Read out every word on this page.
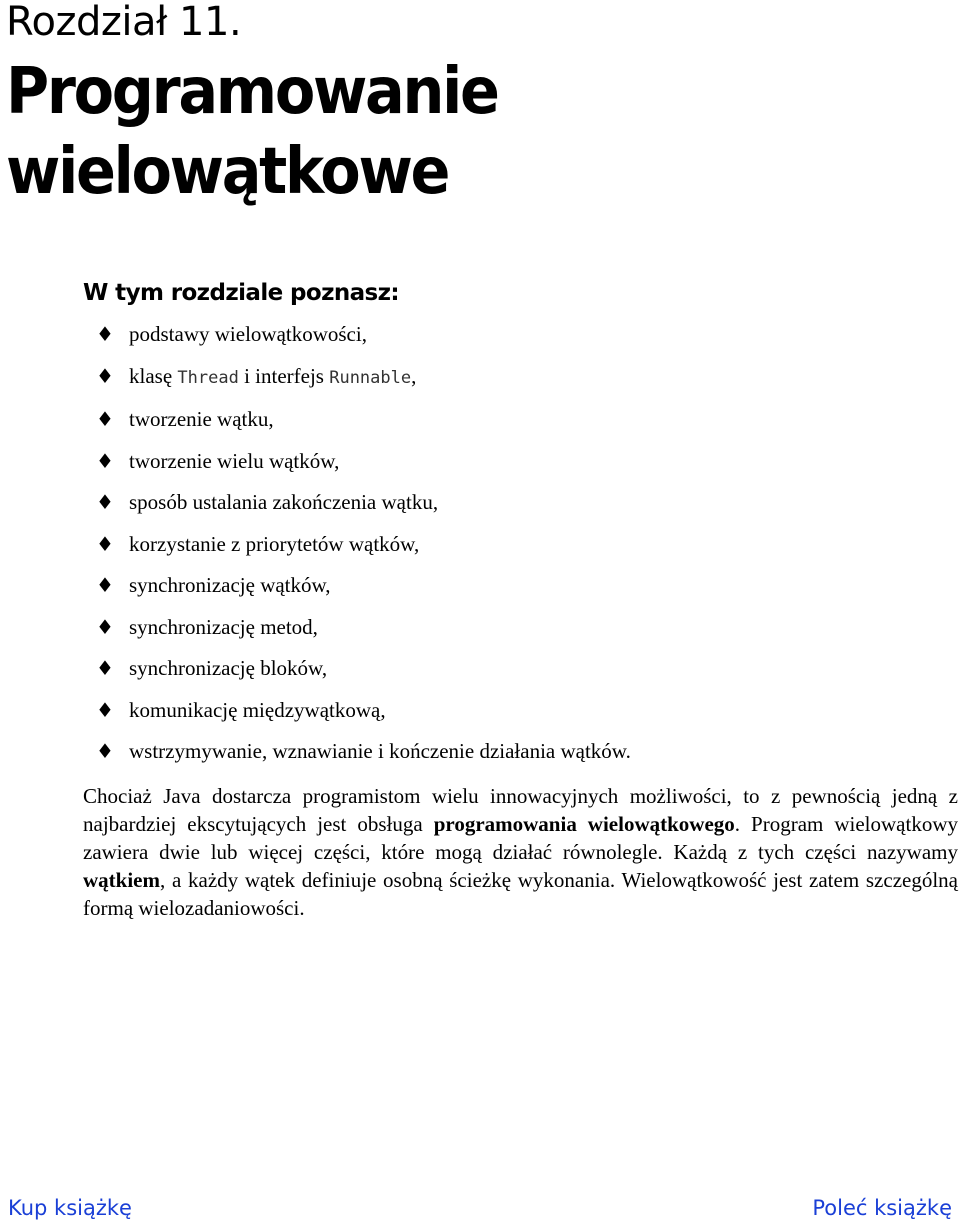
Rozdział 11.
Programowanie
wielowątkowe
W tym rozdziale poznasz:
♦ podstawy wielowątkowości,
♦ klasę Thread i interfejs Runnable,
♦ tworzenie wątku,
♦ tworzenie wielu wątków,
♦ sposób ustalania zakończenia wątku,
♦ korzystanie z priorytetów wątków,
♦ synchronizację wątków,
♦ synchronizację metod,
♦ synchronizację bloków,
♦ komunikację międzywątkową,
♦ wstrzymywanie, wznawianie i kończenie działania wątków.

Chociaż Java dostarcza programistom wielu innowacyjnych możliwości, to z pewnością jedną z najbardziej ekscytujących jest obsługa programowania wielowątkowego. Program wielowątkowy zawiera dwie lub więcej części, które mogą działać równolegle. Każdą z tych części nazywamy wątkiem, a każdy wątek definiuje osobną ścieżkę wykonania. Wielowątkowość jest zatem szczególną formą wielozadaniowości.

Kup książkę	Poleć książkę
